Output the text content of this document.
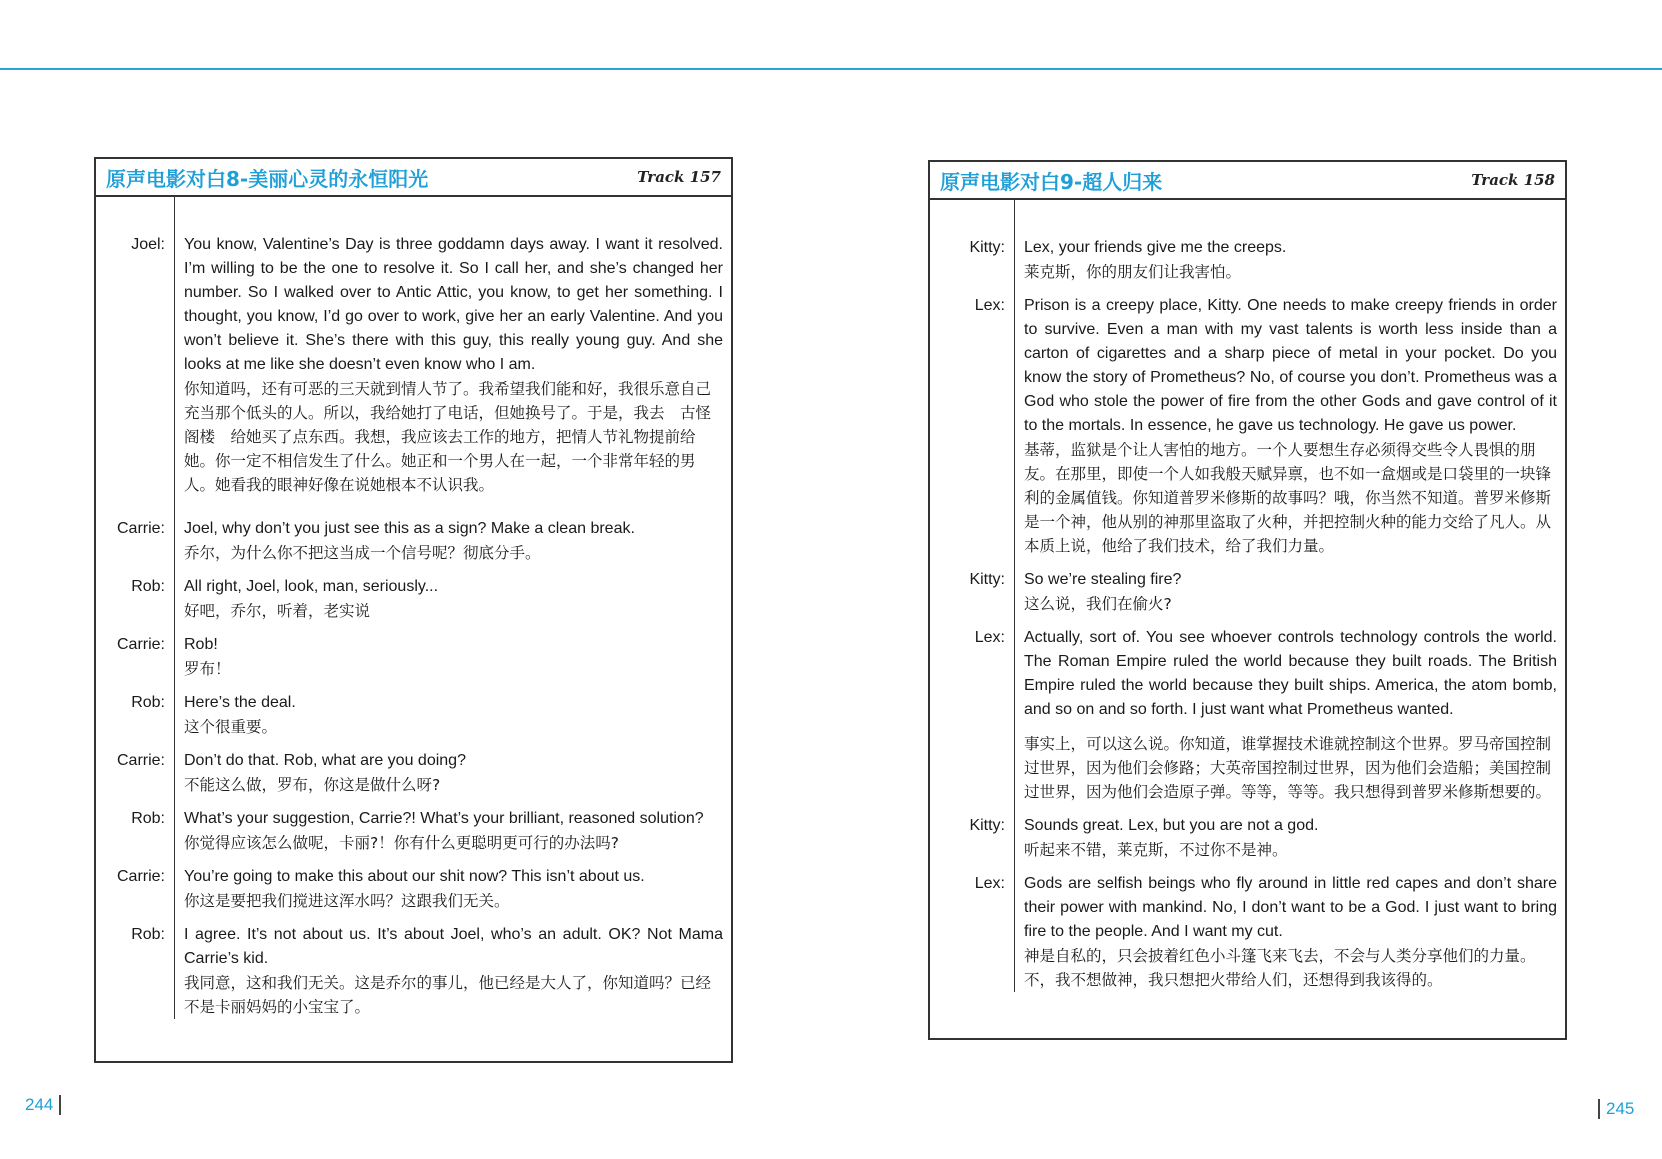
原声电影对白8-美丽心灵的永恒阳光	Track 157
Joel:	You know, Valentine’s Day is three goddamn days away. I want it resolved. I’m willing to be the one to resolve it. So I call her, and she’s changed her number. So I walked over to Antic Attic, you know, to get her something. I thought, you know, I’d go over to work, give her an early Valentine. And you won’t believe it. She’s there with this guy, this really young guy. And she looks at me like she doesn’t even know who I am.
你知道吗，还有可恶的三天就到情人节了。我希望我们能和好，我很乐意自己充当那个低头的人。所以，我给她打了电话，但她换号了。于是，我去　古怪阁楼　给她买了点东西。我想，我应该去工作的地方，把情人节礼物提前给她。你一定不相信发生了什么。她正和一个男人在一起，一个非常年轻的男人。她看我的眼神好像在说她根本不认识我。
Carrie:	Joel, why don’t you just see this as a sign? Make a clean break.
乔尔，为什么你不把这当成一个信号呢？彻底分手。
Rob:	All right, Joel, look, man, seriously...
好吧，乔尔，听着，老实说
Carrie:	Rob!
罗布！
Rob:	Here’s the deal.
这个很重要。
Carrie:	Don’t do that. Rob, what are you doing?
不能这么做，罗布，你这是做什么呀?
Rob:	What’s your suggestion, Carrie?! What’s your brilliant, reasoned solution?
你觉得应该怎么做呢，卡丽?！你有什么更聪明更可行的办法吗?
Carrie:	You’re going to make this about our shit now? This isn’t about us.
你这是要把我们搅进这浑水吗？这跟我们无关。
Rob:	I agree. It’s not about us. It’s about Joel, who’s an adult. OK? Not Mama Carrie’s kid.
我同意，这和我们无关。这是乔尔的事儿，他已经是大人了，你知道吗？已经不是卡丽妈妈的小宝宝了。
原声电影对白9-超人归来	Track 158
Kitty:	Lex, your friends give me the creeps.
莱克斯，你的朋友们让我害怕。
Lex:	Prison is a creepy place, Kitty. One needs to make creepy friends in order to survive. Even a man with my vast talents is worth less inside than a carton of cigarettes and a sharp piece of metal in your pocket. Do you know the story of Prometheus? No, of course you don’t. Prometheus was a God who stole the power of fire from the other Gods and gave control of it to the mortals. In essence, he gave us technology. He gave us power.
基蒂，监狱是个让人害怕的地方。一个人要想生存必须得交些令人畏惧的朋友。在那里，即使一个人如我般天赋异禀，也不如一盒烟或是口袋里的一块锋利的金属值钱。你知道普罗米修斯的故事吗？哦，你当然不知道。普罗米修斯是一个神，他从别的神那里盗取了火种，并把控制火种的能力交给了凡人。从本质上说，他给了我们技术，给了我们力量。
Kitty:	So we’re stealing fire?
这么说，我们在偷火?
Lex:	Actually, sort of. You see whoever controls technology controls the world. The Roman Empire ruled the world because they built roads. The British Empire ruled the world because they built ships. America, the atom bomb, and so on and so forth. I just want what Prometheus wanted.
事实上，可以这么说。你知道，谁掌握技术谁就控制这个世界。罗马帝国控制过世界，因为他们会修路；大英帝国控制过世界，因为他们会造船；美国控制过世界，因为他们会造原子弹。等等，等等。我只想得到普罗米修斯想要的。
Kitty:	Sounds great. Lex, but you are not a god.
听起来不错，莱克斯，不过你不是神。
Lex:	Gods are selfish beings who fly around in little red capes and don’t share their power with mankind. No, I don’t want to be a God. I just want to bring fire to the people. And I want my cut.
神是自私的，只会披着红色小斗篷飞来飞去，不会与人类分享他们的力量。不，我不想做神，我只想把火带给人们，还想得到我该得的。
244	245
